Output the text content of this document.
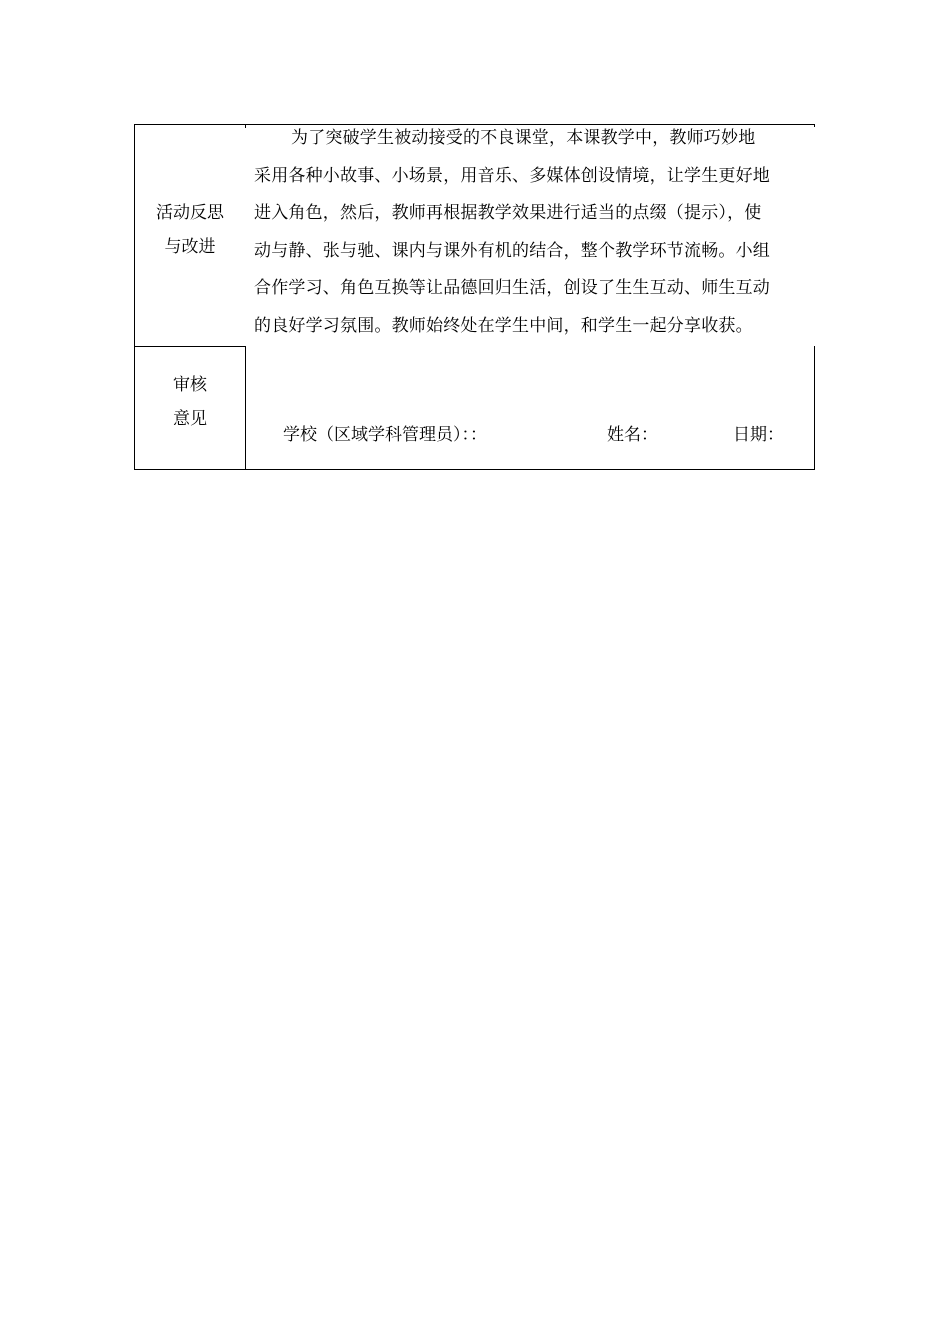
活动反思
与改进
为了突破学生被动接受的不良课堂，本课教学中，教师巧妙地
采用各种小故事、小场景，用音乐、多媒体创设情境，让学生更好地
进入角色，然后，教师再根据教学效果进行适当的点缀（提示），使
动与静、张与驰、课内与课外有机的结合，整个教学环节流畅。小组
合作学习、角色互换等让品德回归生活，创设了生生互动、师生互动
的良好学习氛围。教师始终处在学生中间，和学生一起分享收获。
审核
意见
学校（区域学科管理员）：：	姓名：	日期：
